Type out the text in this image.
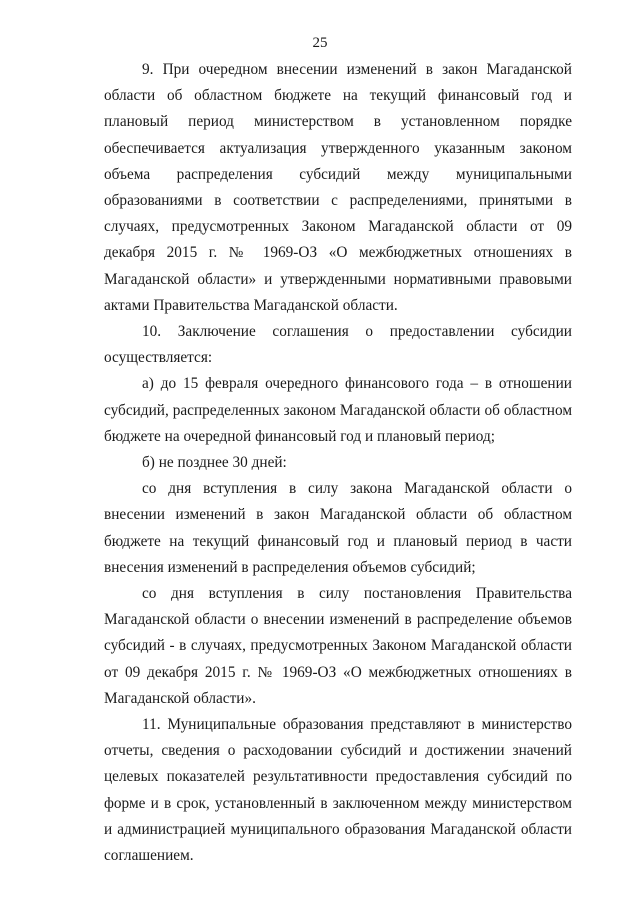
25

9. При очередном внесении изменений в закон Магаданской области об областном бюджете на текущий финансовый год и плановый период министерством в установленном порядке обеспечивается актуализация утвержденного указанным законом объема распределения субсидий между муниципальными образованиями в соответствии с распределениями, принятыми в случаях, предусмотренных Законом Магаданской области от 09 декабря 2015 г. № 1969-ОЗ «О межбюджетных отношениях в Магаданской области» и утвержденными нормативными правовыми актами Правительства Магаданской области.

10. Заключение соглашения о предоставлении субсидии осуществляется:

а) до 15 февраля очередного финансового года – в отношении субсидий, распределенных законом Магаданской области об областном бюджете на очередной финансовый год и плановый период;

б) не позднее 30 дней:

со дня вступления в силу закона Магаданской области о внесении изменений в закон Магаданской области об областном бюджете на текущий финансовый год и плановый период в части внесения изменений в распределения объемов субсидий;

со дня вступления в силу постановления Правительства Магаданской области о внесении изменений в распределение объемов субсидий - в случаях, предусмотренных Законом Магаданской области от 09 декабря 2015 г. № 1969-ОЗ «О межбюджетных отношениях в Магаданской области».

11. Муниципальные образования представляют в министерство отчеты, сведения о расходовании субсидий и достижении значений целевых показателей результативности предоставления субсидий по форме и в срок, установленный в заключенном между министерством и администрацией муниципального образования Магаданской области соглашением.
